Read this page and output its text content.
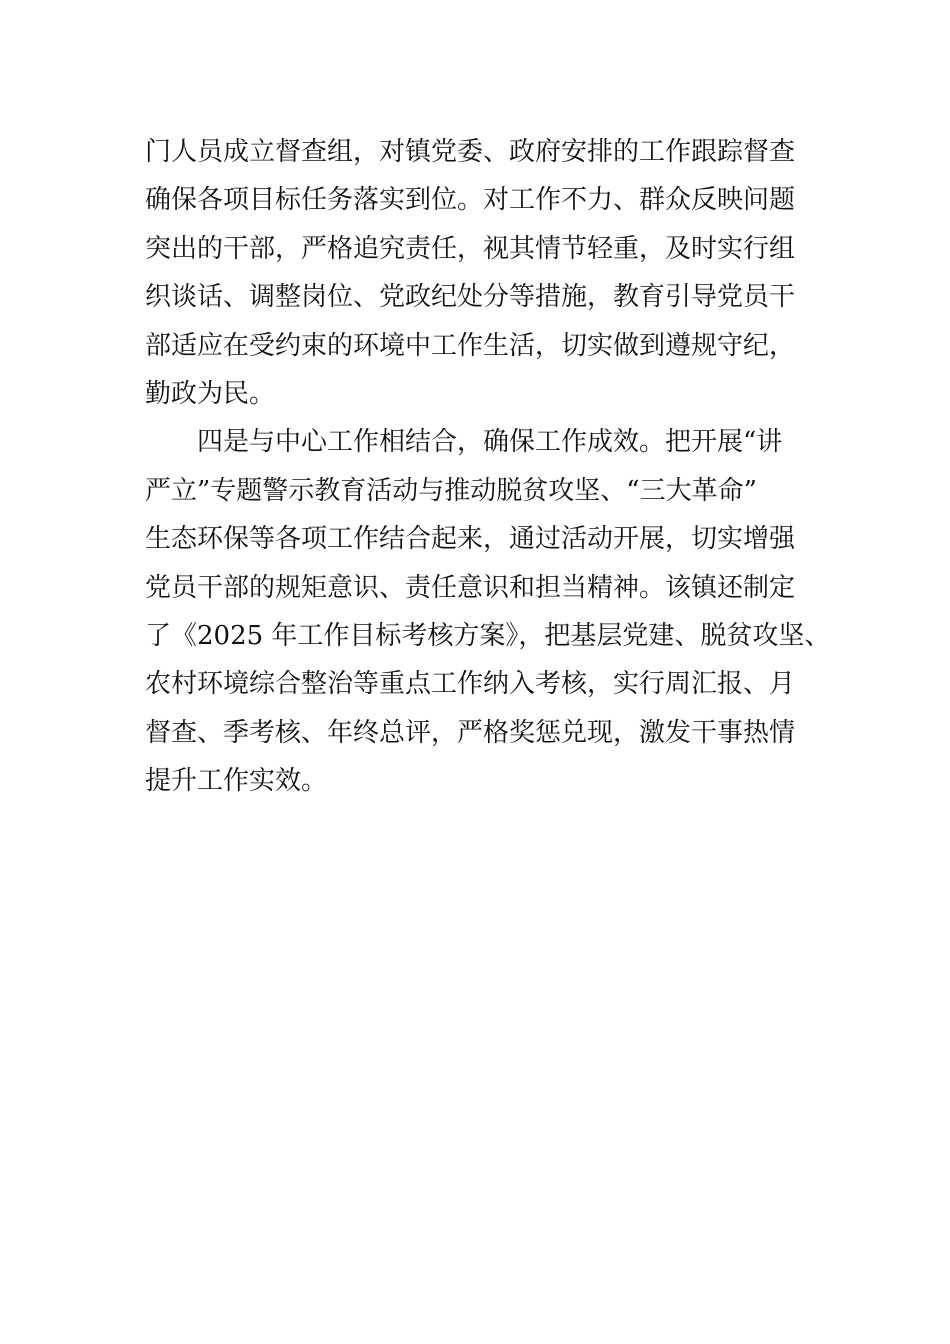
门人员成立督查组，对镇党委、政府安排的工作跟踪督查
确保各项目标任务落实到位。对工作不力、群众反映问题
突出的干部，严格追究责任，视其情节轻重，及时实行组
织谈话、调整岗位、党政纪处分等措施，教育引导党员干
部适应在受约束的环境中工作生活，切实做到遵规守纪，
勤政为民。
四是与中心工作相结合，确保工作成效。把开展“讲
严立”专题警示教育活动与推动脱贫攻坚、“三大革命”
生态环保等各项工作结合起来，通过活动开展，切实增强
党员干部的规矩意识、责任意识和担当精神。该镇还制定
了《2025 年工作目标考核方案》，把基层党建、脱贫攻坚、
农村环境综合整治等重点工作纳入考核，实行周汇报、月
督查、季考核、年终总评，严格奖惩兑现，激发干事热情
提升工作实效。
